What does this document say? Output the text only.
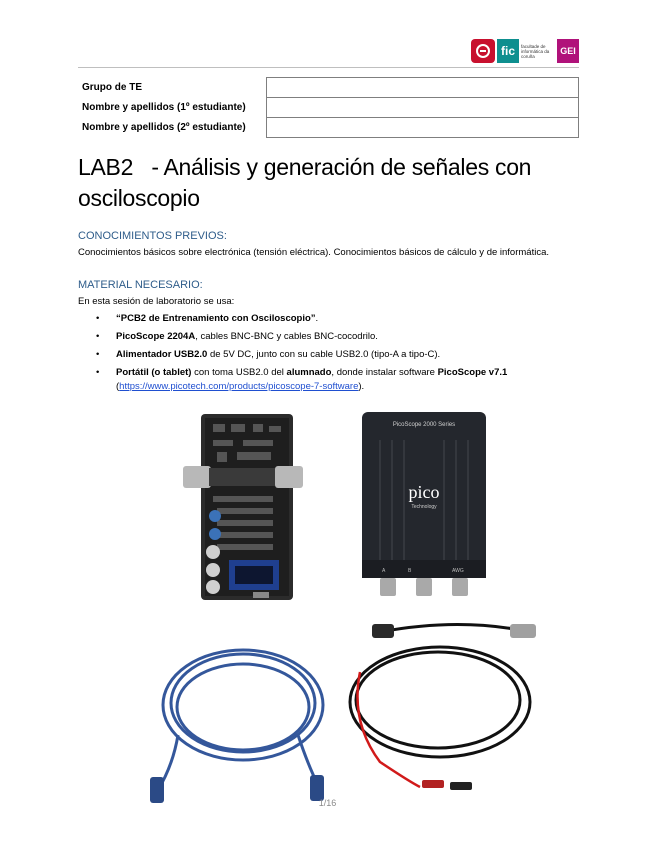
fic	facultade de informática da coruña	GEI
Grupo de TE	
Nombre y apellidos (1º estudiante)	
Nombre y apellidos (2º estudiante)	
LAB2   - Análisis y generación de señales con
osciloscopio
CONOCIMIENTOS PREVIOS:
Conocimientos básicos sobre electrónica (tensión eléctrica). Conocimientos básicos de cálculo y de informática.
MATERIAL NECESARIO:
En esta sesión de laboratorio se usa:
• “PCB2 de Entrenamiento con Osciloscopio”.
• PicoScope 2204A, cables BNC-BNC y cables BNC-cocodrilo.
• Alimentador USB2.0 de 5V DC, junto con su cable USB2.0 (tipo-A a tipo-C).
• Portátil (o tablet) con toma USB2.0 del alumnado, donde instalar software PicoScope v7.1
(https://www.picotech.com/products/picoscope-7-software).
PicoScope 2000 Series
pico
Technology
A	B	AWG
1/16
